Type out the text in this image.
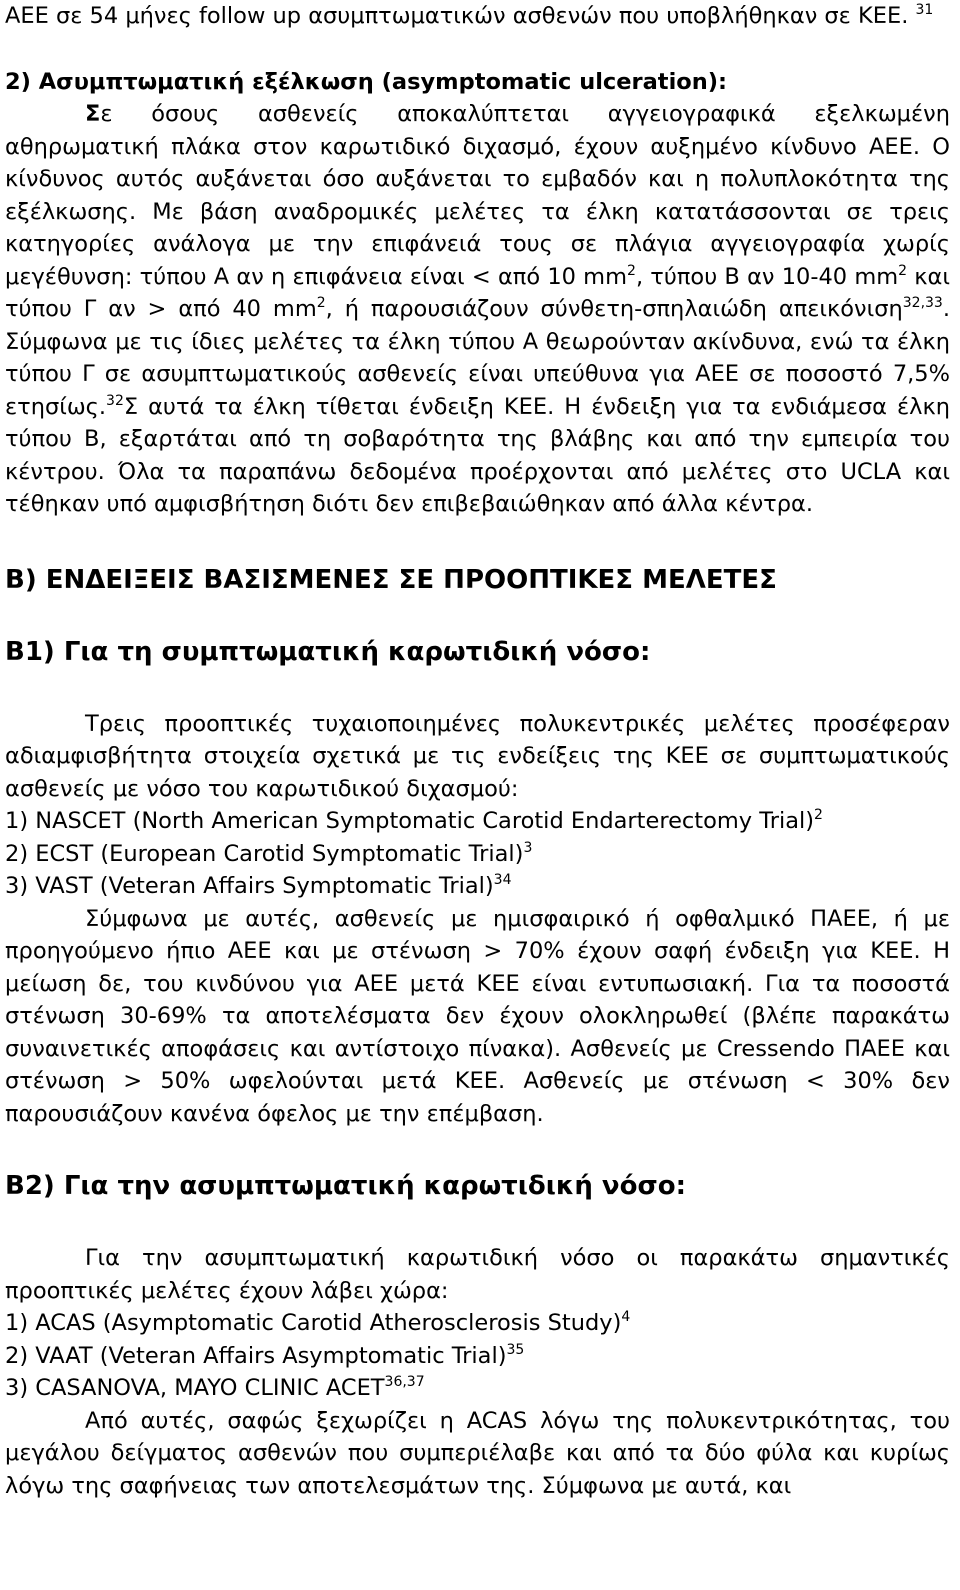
ΑΕΕ σε 54 μήνες follow up ασυμπτωματικών ασθενών που υποβλήθηκαν σε ΚΕΕ. $^{31}$

2) Ασυμπτωματική εξέλκωση (asymptomatic ulceration):

Σε όσους ασθενείς αποκαλύπτεται αγγειογραφικά εξελκωμένη αθηρωματική πλάκα στον καρωτιδικό διχασμό, έχουν αυξημένο κίνδυνο ΑΕΕ. Ο κίνδυνος αυτός αυξάνεται όσο αυξάνεται το εμβαδόν και η πολυπλοκότητα της εξέλκωσης. Με βάση αναδρομικές μελέτες τα έλκη κατατάσσονται σε τρεις κατηγορίες ανάλογα με την επιφάνειά τους σε πλάγια αγγειογραφία χωρίς μεγέθυνση: τύπου Α αν η επιφάνεια είναι < από 10 $mm^2$, τύπου Β αν 10-40 $mm^2$ και τύπου Γ αν > από 40 $mm^2$, ή παρουσιάζουν σύνθετη-σπηλαιώδη απεικόνιση$^{32,33}$. Σύμφωνα με τις ίδιες μελέτες τα έλκη τύπου Α θεωρούνταν ακίνδυνα, ενώ τα έλκη τύπου Γ σε ασυμπτωματικούς ασθενείς είναι υπεύθυνα για ΑΕΕ σε ποσοστό 7,5% ετησίως.$^{32}$Σ αυτά τα έλκη τίθεται ένδειξη ΚΕΕ. Η ένδειξη για τα ενδιάμεσα έλκη τύπου Β, εξαρτάται από τη σοβαρότητα της βλάβης και από την εμπειρία του κέντρου. Όλα τα παραπάνω δεδομένα προέρχονται από μελέτες στο UCLA και τέθηκαν υπό αμφισβήτηση διότι δεν επιβεβαιώθηκαν από άλλα κέντρα.

Β) ΕΝΔΕΙΞΕΙΣ ΒΑΣΙΣΜΕΝΕΣ ΣΕ ΠΡΟΟΠΤΙΚΕΣ ΜΕΛΕΤΕΣ
Β1) Για τη συμπτωματική καρωτιδική νόσο:

Τρεις προοπτικές τυχαιοποιημένες πολυκεντρικές μελέτες προσέφεραν αδιαμφισβήτητα στοιχεία σχετικά με τις ενδείξεις της ΚΕΕ σε συμπτωματικούς ασθενείς με νόσο του καρωτιδικού διχασμού:

1) NASCET (North American Symptomatic Carotid Endarterectomy Trial)$^2$

2) ECST (European Carotid Symptomatic Trial)$^3$

3) VAST (Veteran Affairs Symptomatic Trial)$^{34}$

Σύμφωνα με αυτές, ασθενείς με ημισφαιρικό ή οφθαλμικό ΠΑΕΕ, ή με προηγούμενο ήπιο ΑΕΕ και με στένωση > 70% έχουν σαφή ένδειξη για ΚΕΕ. Η μείωση δε, του κινδύνου για ΑΕΕ μετά ΚΕΕ είναι εντυπωσιακή. Για τα ποσοστά στένωση 30-69% τα αποτελέσματα δεν έχουν ολοκληρωθεί (βλέπε παρακάτω συναινετικές αποφάσεις και αντίστοιχο πίνακα). Ασθενείς με Cressendo ΠΑΕΕ και στένωση > 50% ωφελούνται μετά ΚΕΕ. Ασθενείς με στένωση < 30% δεν παρουσιάζουν κανένα όφελος με την επέμβαση.

Β2) Για την ασυμπτωματική καρωτιδική νόσο:

Για την ασυμπτωματική καρωτιδική νόσο οι παρακάτω σημαντικές προοπτικές μελέτες έχουν λάβει χώρα:

1) ACAS (Asymptomatic Carotid Atherosclerosis Study)$^4$

2) VAAT (Veteran Affairs Asymptomatic Trial)$^{35}$

3) CASANOVA, MAYO CLINIC ACET$^{36,37}$

Από αυτές, σαφώς ξεχωρίζει η ACAS λόγω της πολυκεντρικότητας, του μεγάλου δείγματος ασθενών που συμπεριέλαβε και από τα δύο φύλα και κυρίως λόγω της σαφήνειας των αποτελεσμάτων της. Σύμφωνα με αυτά, και
